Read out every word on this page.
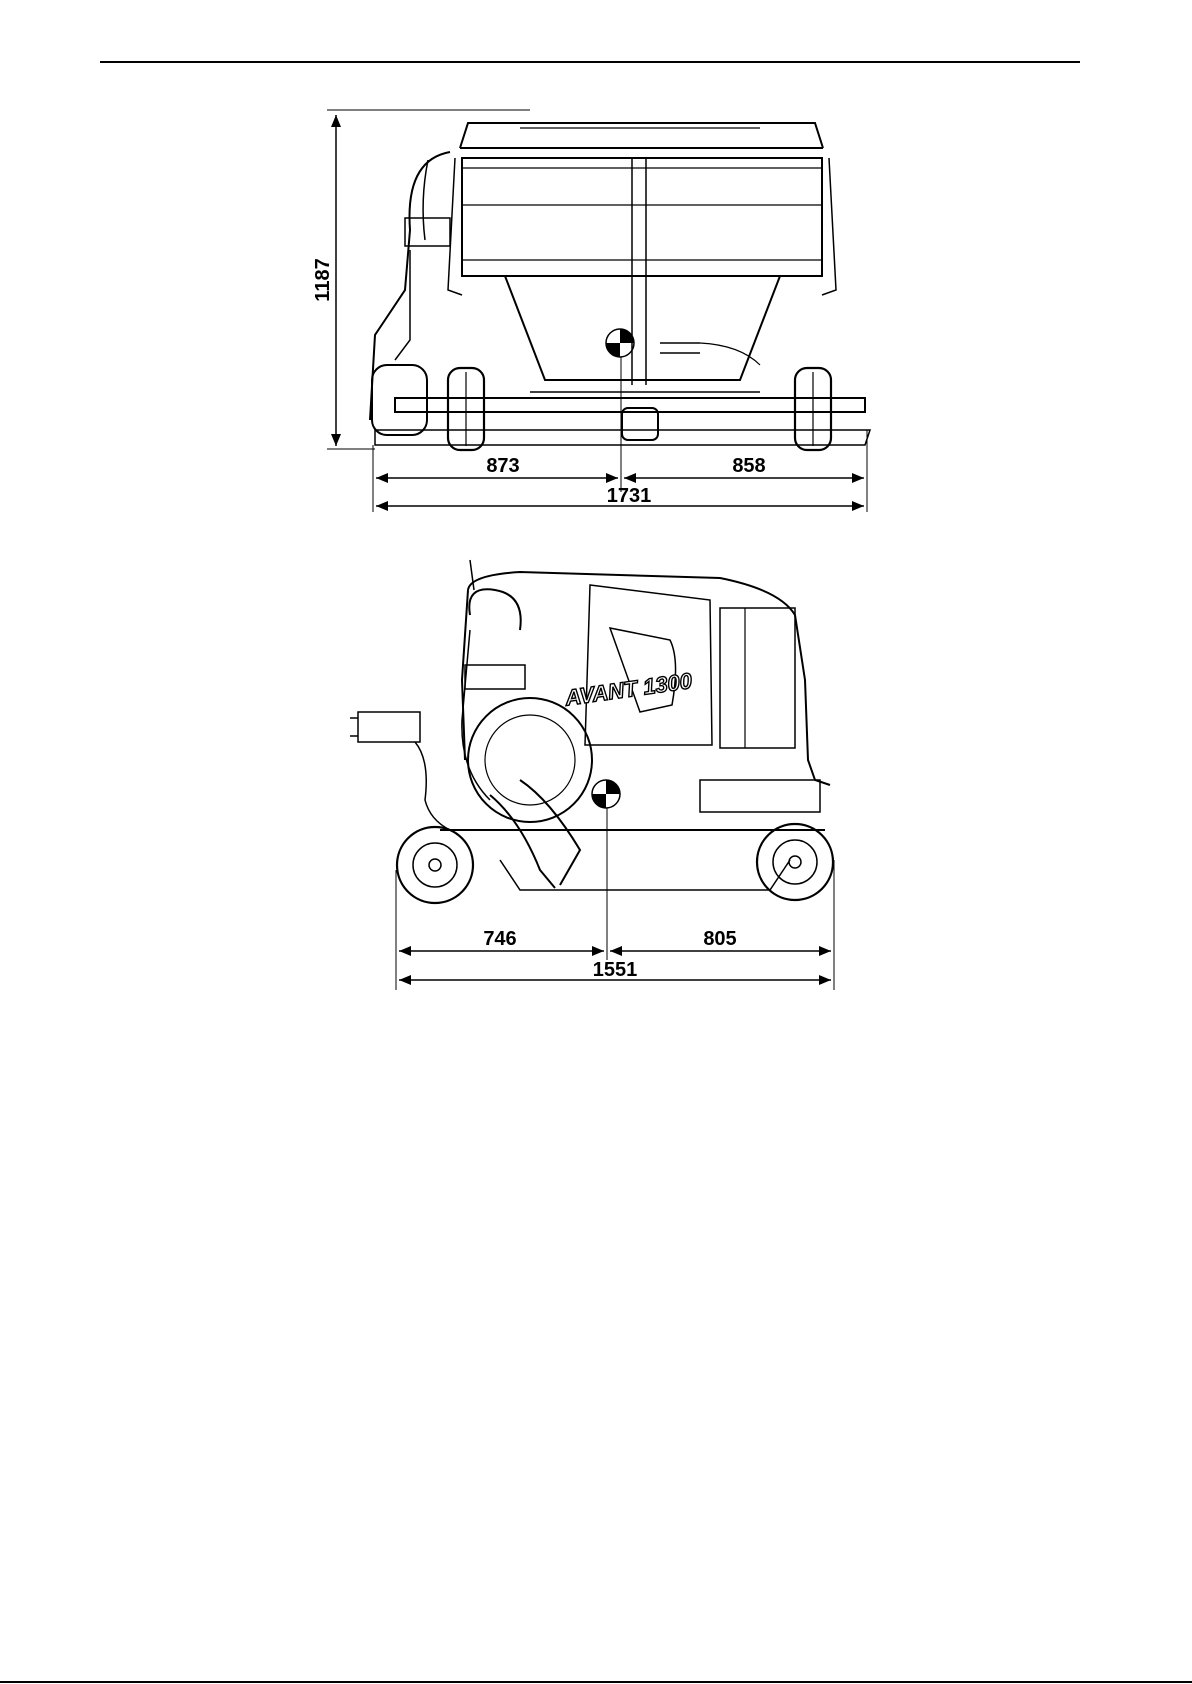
1187
873	858
1731
AVANT 1300
746	805
1551
